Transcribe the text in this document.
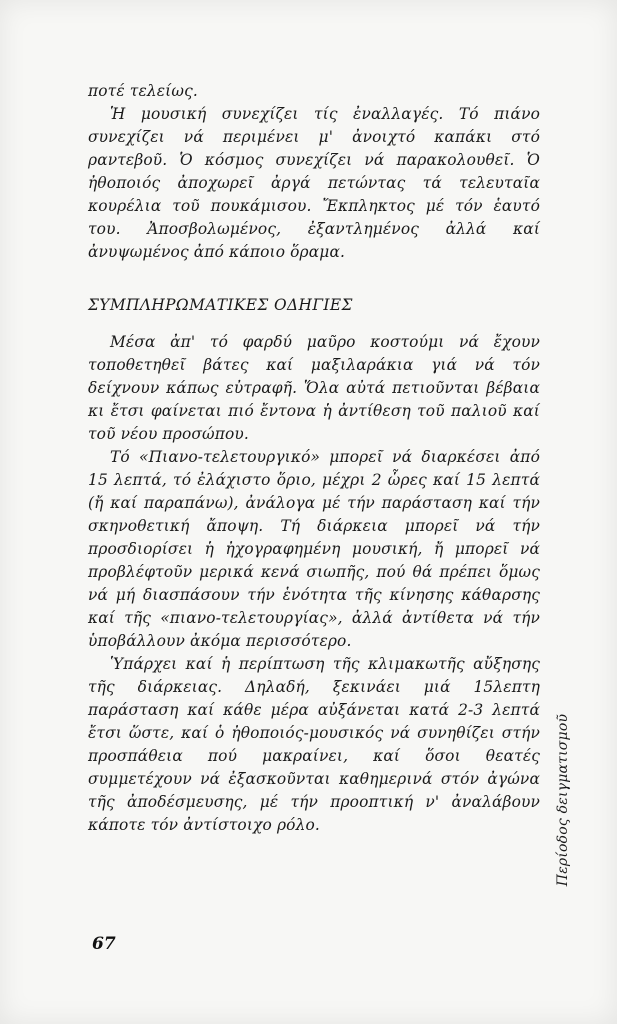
ποτέ τελείως.

Ἡ μουσική συνεχίζει τίς ἐναλλαγές. Τό πιάνο συνεχίζει νά περιμένει μ' ἀνοιχτό καπάκι στό ραντεβοῦ. Ὁ κόσμος συνεχίζει νά παρακολουθεῖ. Ὁ ἠθοποιός ἀποχωρεῖ ἀργά πετώντας τά τελευταῖα κουρέλια τοῦ πουκάμισου. Ἔκπληκτος μέ τόν ἑαυτό του. Ἀποσβολωμένος, ἐξαντλημένος ἀλλά καί ἀνυψωμένος ἀπό κάποιο ὅραμα.

ΣΥΜΠΛΗΡΩΜΑΤΙΚΕΣ ΟΔΗΓΙΕΣ

Μέσα ἀπ' τό φαρδύ μαῦρο κοστούμι νά ἔχουν τοποθετηθεῖ βάτες καί μαξιλαράκια γιά νά τόν δείχνουν κάπως εὐτραφῆ. Ὅλα αὐτά πετιοῦνται βέβαια κι ἔτσι φαίνεται πιό ἔντονα ἡ ἀντίθεση τοῦ παλιοῦ καί τοῦ νέου προσώπου.

Τό «Πιανο-τελετουργικό» μπορεῖ νά διαρκέσει ἀπό 15 λεπτά, τό ἐλάχιστο ὅριο, μέχρι 2 ὧρες καί 15 λεπτά (ἤ καί παραπάνω), ἀνάλογα μέ τήν παράσταση καί τήν σκηνοθετική ἄποψη. Τή διάρκεια μπορεῖ νά τήν προσδιορίσει ἡ ἠχογραφημένη μουσική, ἤ μπορεῖ νά προβλέφτοῦν μερικά κενά σιωπῆς, πού θά πρέπει ὅμως νά μή διασπάσουν τήν ἑνότητα τῆς κίνησης κάθαρσης καί τῆς «πιανο-τελετουργίας», ἀλλά ἀντίθετα νά τήν ὑποβάλλουν ἀκόμα περισσότερο.

Ὑπάρχει καί ἡ περίπτωση τῆς κλιμακωτῆς αὔξησης τῆς διάρκειας. Δηλαδή, ξεκινάει μιά 15λεπτη παράσταση καί κάθε μέρα αὐξάνεται κατά 2-3 λεπτά ἔτσι ὥστε, καί ὁ ἠθοποιός-μουσικός νά συνηθίζει στήν προσπάθεια πού μακραίνει, καί ὅσοι θεατές συμμετέχουν νά ἐξασκοῦνται καθημερινά στόν ἀγώνα τῆς ἀποδέσμευσης, μέ τήν προοπτική ν' ἀναλάβουν κάποτε τόν ἀντίστοιχο ρόλο.	Περίοδος δειγματισμοῦ
67
